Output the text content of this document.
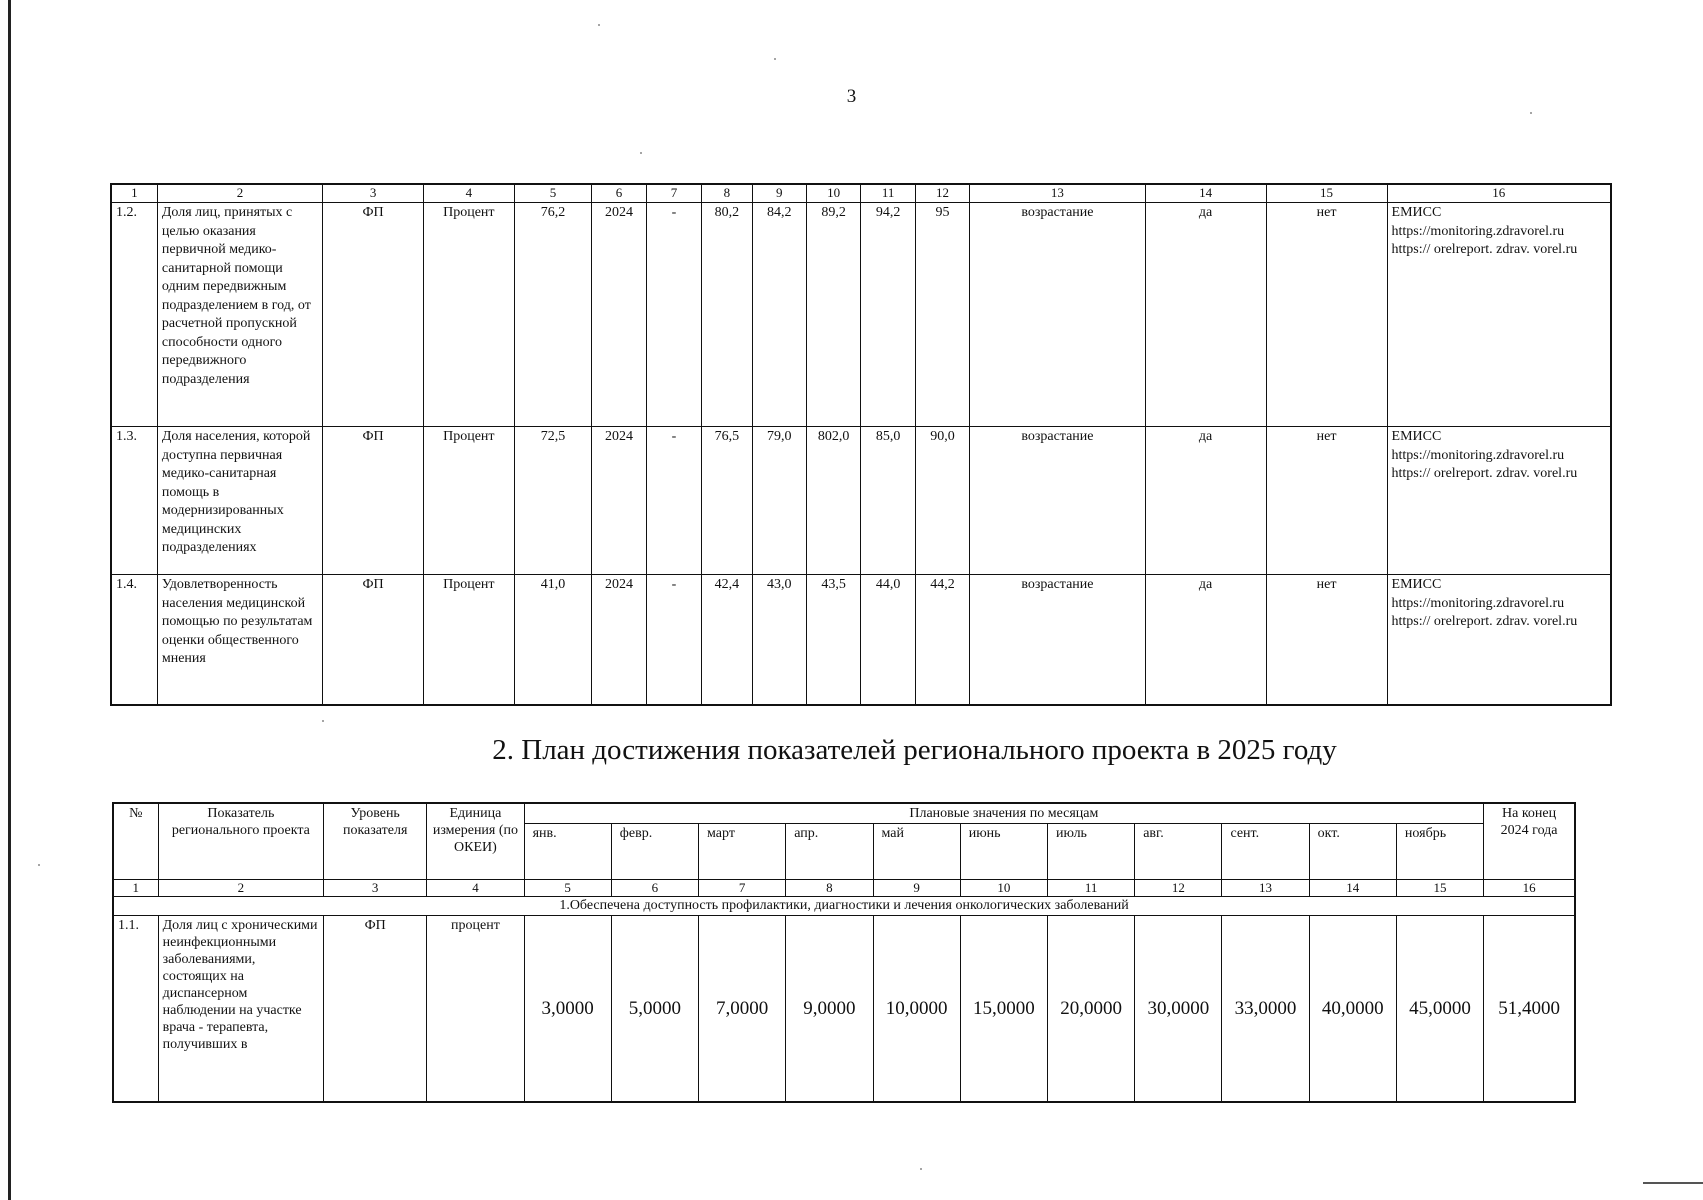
3
1	2	3	4	5	6	7	8	9	10	11	12	13	14	15	16
1.2.	Доля лиц, принятых с целью оказания первичной медико-санитарной помощи одним передвижным подразделением в год, от расчетной пропускной способности одного передвижного подразделения	ФП	Процент	76,2	2024	-	80,2	84,2	89,2	94,2	95	возрастание	да	нет	ЕМИСС
https://monitoring.zdravorel.ru
https:// orelreport. zdrav. vorel.ru

1.3.	Доля населения, которой доступна первичная медико-санитарная помощь в модернизированных медицинских подразделениях	ФП	Процент	72,5	2024	-	76,5	79,0	802,0	85,0	90,0	возрастание	да	нет	ЕМИСС
https://monitoring.zdravorel.ru
https:// orelreport. zdrav. vorel.ru

1.4.	Удовлетворенность населения медицинской помощью по результатам оценки общественного мнения	ФП	Процент	41,0	2024	-	42,4	43,0	43,5	44,0	44,2	возрастание	да	нет	ЕМИСС
https://monitoring.zdravorel.ru
https:// orelreport. zdrav. vorel.ru
2. План достижения показателей регионального проекта в 2025 году
№	Показатель регионального проекта	Уровень показателя	Единица измерения (по ОКЕИ)	Плановые значения по месяцам											На конец 2024 года
				янв.	февр.	март	апр.	май	июнь	июль	авг.	сент.	окт.	ноябрь	
1	2	3	4	5	6	7	8	9	10	11	12	13	14	15	16
1.Обеспечена доступность профилактики, диагностики и лечения онкологических заболеваний															
1.1.	Доля лиц с хроническими неинфекционными заболеваниями, состоящих на диспансерном наблюдении на участке врача - терапевта, получивших в	ФП	процент	3,0000	5,0000	7,0000	9,0000	10,0000	15,0000	20,0000	30,0000	33,0000	40,0000	45,0000	51,4000
